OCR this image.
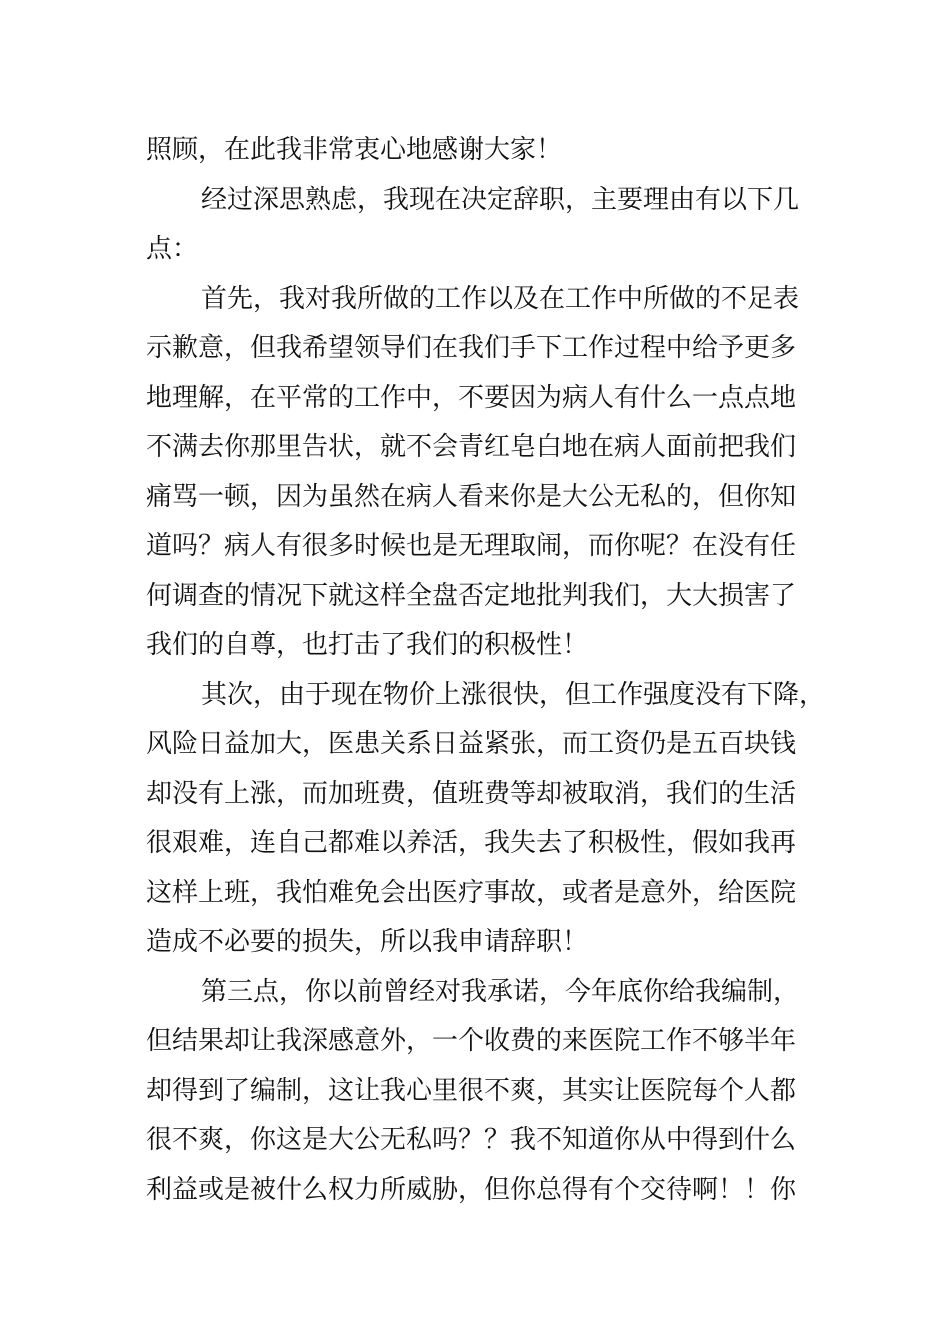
照顾，在此我非常衷心地感谢大家！
经过深思熟虑，我现在决定辞职，主要理由有以下几
点：
首先，我对我所做的工作以及在工作中所做的不足表
示歉意，但我希望领导们在我们手下工作过程中给予更多
地理解，在平常的工作中，不要因为病人有什么一点点地
不满去你那里告状，就不会青红皂白地在病人面前把我们
痛骂一顿，因为虽然在病人看来你是大公无私的，但你知
道吗？病人有很多时候也是无理取闹，而你呢？在没有任
何调查的情况下就这样全盘否定地批判我们，大大损害了
我们的自尊，也打击了我们的积极性！
其次，由于现在物价上涨很快，但工作强度没有下降，
风险日益加大，医患关系日益紧张，而工资仍是五百块钱
却没有上涨，而加班费，值班费等却被取消，我们的生活
很艰难，连自己都难以养活，我失去了积极性，假如我再
这样上班，我怕难免会出医疗事故，或者是意外，给医院
造成不必要的损失，所以我申请辞职！
第三点，你以前曾经对我承诺，今年底你给我编制，
但结果却让我深感意外，一个收费的来医院工作不够半年
却得到了编制，这让我心里很不爽，其实让医院每个人都
很不爽，你这是大公无私吗？？我不知道你从中得到什么
利益或是被什么权力所威胁，但你总得有个交待啊！！你
